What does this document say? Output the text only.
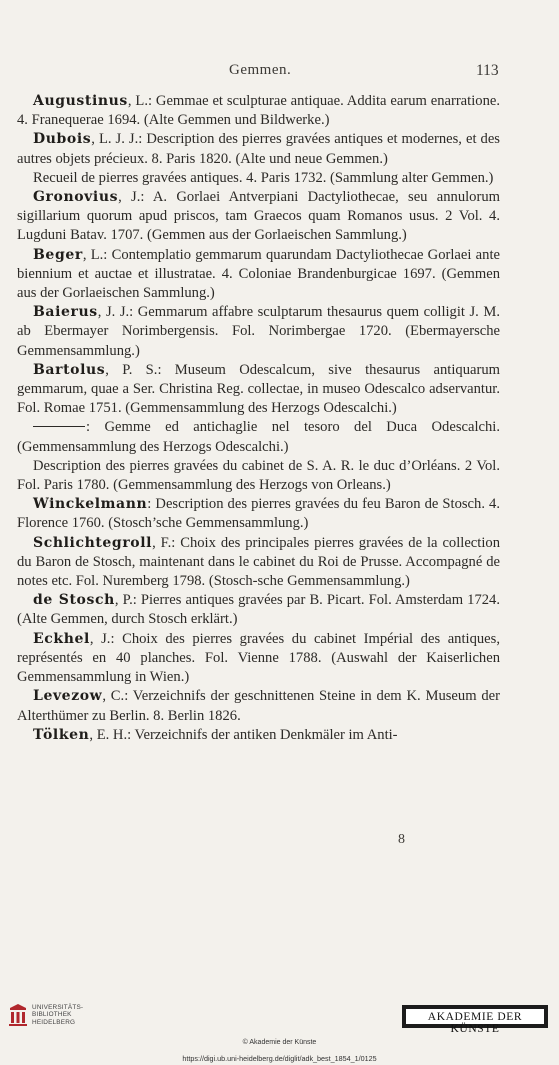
Gemmen.	113

Augustinus, L.: Gemmae et sculpturae antiquae. Addita earum enarratione. 4. Franequerae 1694. (Alte Gemmen und Bildwerke.)

Dubois, L. J. J.: Description des pierres gravées antiques et modernes, et des autres objets précieux. 8. Paris 1820. (Alte und neue Gemmen.)

Recueil de pierres gravées antiques. 4. Paris 1732. (Sammlung alter Gemmen.)

Gronovius, J.: A. Gorlaei Antverpiani Dactyliothecae, seu annulorum sigillarium quorum apud priscos, tam Graecos quam Romanos usus. 2 Vol. 4. Lugduni Batav. 1707. (Gemmen aus der Gorlaeischen Sammlung.)

Beger, L.: Contemplatio gemmarum quarundam Dactyliothecae Gorlaei ante biennium et auctae et illustratae. 4. Coloniae Brandenburgicae 1697. (Gemmen aus der Gorlaeischen Sammlung.)

Baierus, J. J.: Gemmarum affabre sculptarum thesaurus quem colligit J. M. ab Ebermayer Norimbergensis. Fol. Norimbergae 1720. (Ebermayersche Gemmensammlung.)

Bartolus, P. S.: Museum Odescalcum, sive thesaurus antiquarum gemmarum, quae a Ser. Christina Reg. collectae, in museo Odescalco adservantur. Fol. Romae 1751. (Gemmensammlung des Herzogs Odescalchi.)

: Gemme ed antichaglie nel tesoro del Duca Odescalchi. (Gemmensammlung des Herzogs Odescalchi.)

Description des pierres gravées du cabinet de S. A. R. le duc d’Orléans. 2 Vol. Fol. Paris 1780. (Gemmensammlung des Herzogs von Orleans.)

Winckelmann: Description des pierres gravées du feu Baron de Stosch. 4. Florence 1760. (Stosch’sche Gemmensammlung.)

Schlichtegroll, F.: Choix des principales pierres gravées de la collection du Baron de Stosch, maintenant dans le cabinet du Roi de Prusse. Accompagné de notes etc. Fol. Nuremberg 1798. (Stosch-sche Gemmensammlung.)

de Stosch, P.: Pierres antiques gravées par B. Picart. Fol. Amsterdam 1724. (Alte Gemmen, durch Stosch erklärt.)

Eckhel, J.: Choix des pierres gravées du cabinet Impérial des antiques, représentés en 40 planches. Fol. Vienne 1788. (Auswahl der Kaiserlichen Gemmensammlung in Wien.)

Levezow, C.: Verzeichnifs der geschnittenen Steine in dem K. Museum der Alterthümer zu Berlin. 8. Berlin 1826.

Tölken, E. H.: Verzeichnifs der antiken Denkmäler im Anti-

8
UNIVERSITÄTS-
BIBLIOTHEK
HEIDELBERG	AKADEMIE DER KÜNSTE
© Akademie der Künste
https://digi.ub.uni-heidelberg.de/diglit/adk_best_1854_1/0125
